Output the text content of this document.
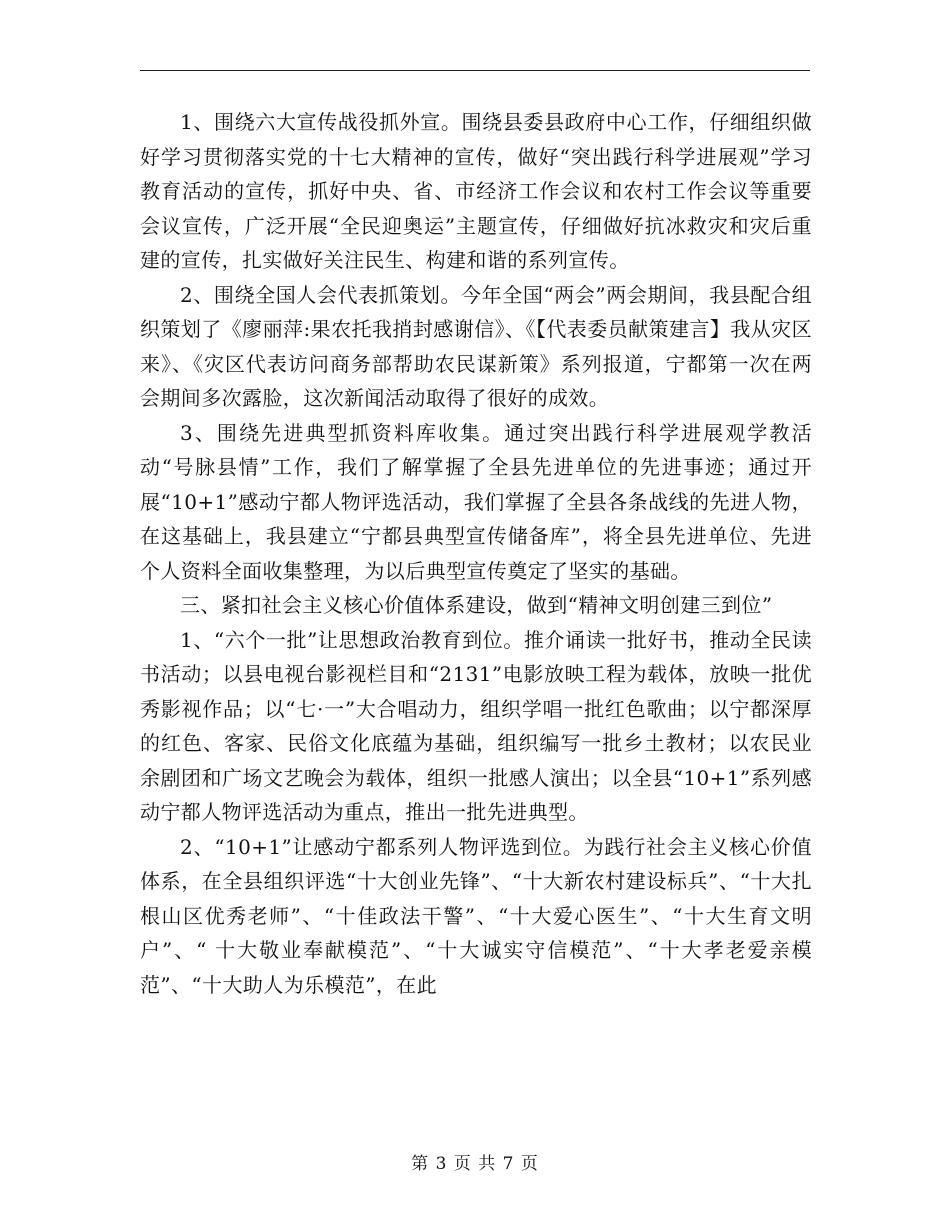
1、围绕六大宣传战役抓外宣。围绕县委县政府中心工作，仔细组织做好学习贯彻落实党的十七大精神的宣传，做好“突出践行科学进展观”学习教育活动的宣传，抓好中央、省、市经济工作会议和农村工作会议等重要会议宣传，广泛开展“全民迎奥运”主题宣传，仔细做好抗冰救灾和灾后重建的宣传，扎实做好关注民生、构建和谐的系列宣传。

2、围绕全国人会代表抓策划。今年全国“两会”两会期间，我县配合组织策划了《廖丽萍:果农托我捎封感谢信》、《【代表委员献策建言】我从灾区来》、《灾区代表访问商务部帮助农民谋新策》系列报道，宁都第一次在两会期间多次露脸，这次新闻活动取得了很好的成效。

3、围绕先进典型抓资料库收集。通过突出践行科学进展观学教活动“号脉县情”工作，我们了解掌握了全县先进单位的先进事迹；通过开展“10+1”感动宁都人物评选活动，我们掌握了全县各条战线的先进人物，在这基础上，我县建立“宁都县典型宣传储备库”，将全县先进单位、先进个人资料全面收集整理，为以后典型宣传奠定了坚实的基础。

三、紧扣社会主义核心价值体系建设，做到“精神文明创建三到位”

1、“六个一批”让思想政治教育到位。推介诵读一批好书，推动全民读书活动；以县电视台影视栏目和“2131”电影放映工程为载体，放映一批优秀影视作品；以“七·一”大合唱动力，组织学唱一批红色歌曲；以宁都深厚的红色、客家、民俗文化底蕴为基础，组织编写一批乡土教材；以农民业余剧团和广场文艺晚会为载体，组织一批感人演出；以全县“10+1”系列感动宁都人物评选活动为重点，推出一批先进典型。

2、“10+1”让感动宁都系列人物评选到位。为践行社会主义核心价值体系，在全县组织评选“十大创业先锋”、“十大新农村建设标兵”、“十大扎根山区优秀老师”、“十佳政法干警”、“十大爱心医生”、“十大生育文明户”、“ 十大敬业奉献模范”、“十大诚实守信模范”、“十大孝老爱亲模范”、“十大助人为乐模范”，在此

第 3 页 共 7 页
